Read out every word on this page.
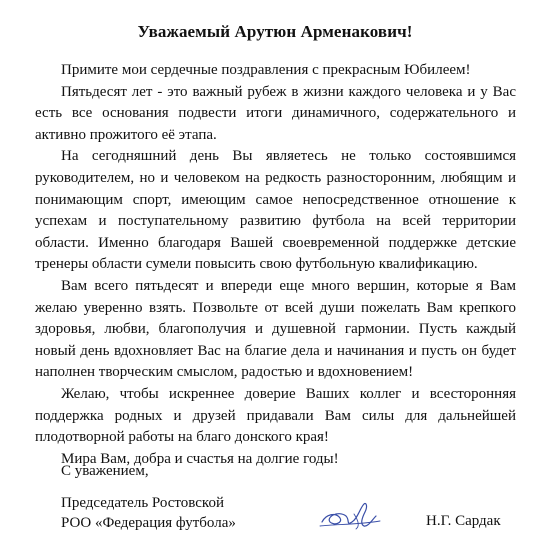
Уважаемый Арутюн Арменакович!

Примите мои сердечные поздравления с прекрасным Юбилеем!

Пятьдесят лет - это важный рубеж в жизни каждого человека и у Вас есть все основания подвести итоги динамичного, содержательного и активно прожитого её этапа.

На сегодняшний день Вы являетесь не только состоявшимся руководителем, но и человеком на редкость разносторонним, любящим и понимающим спорт, имеющим самое непосредственное отношение к успехам и поступательному развитию футбола на всей территории области. Именно благодаря Вашей своевременной поддержке детские тренеры области сумели повысить свою футбольную квалификацию.

Вам всего пятьдесят и впереди еще много вершин, которые я Вам желаю уверенно взять. Позвольте от всей души пожелать Вам крепкого здоровья, любви, благополучия и душевной гармонии. Пусть каждый новый день вдохновляет Вас на благие дела и начинания и пусть он будет наполнен творческим смыслом, радостью и вдохновением!

Желаю, чтобы искреннее доверие Ваших коллег и всесторонняя поддержка родных и друзей придавали Вам силы для дальнейшей плодотворной работы на благо донского края!

Мира Вам, добра и счастья на долгие годы!

С уважением,
Председатель Ростовской
РОО «Федерация футбола»	Н.Г. Сардак
